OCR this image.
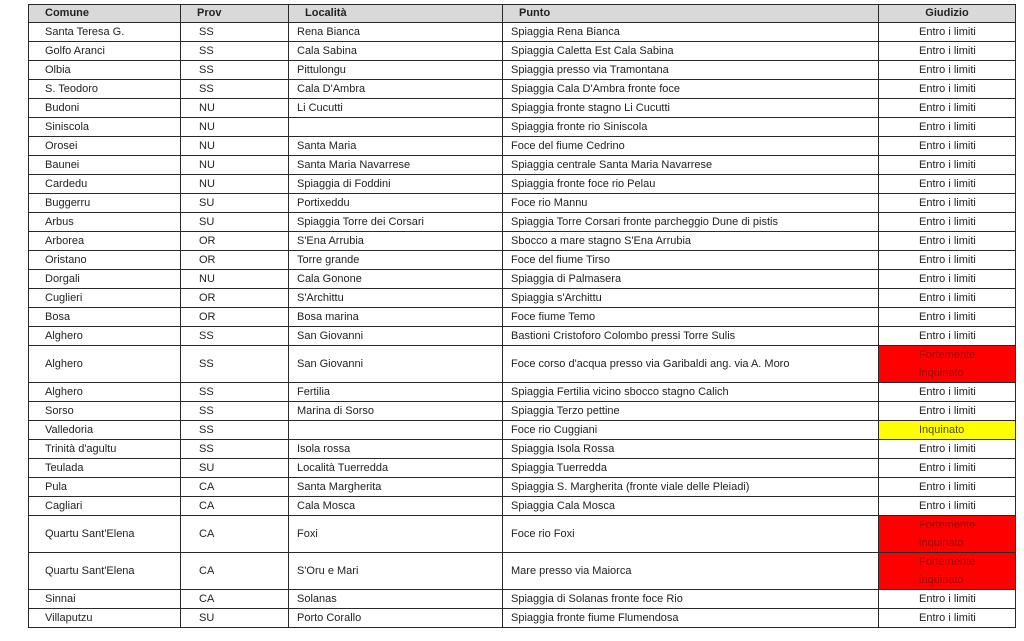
Comune	Prov	Località	Punto	Giudizio
Santa Teresa G.	SS	Rena Bianca	Spiaggia Rena Bianca	Entro i limiti
Golfo Aranci	SS	Cala Sabina	Spiaggia Caletta Est Cala Sabina	Entro i limiti
Olbia	SS	Pittulongu	Spiaggia presso via Tramontana	Entro i limiti
S. Teodoro	SS	Cala D'Ambra	Spiaggia Cala D'Ambra fronte foce	Entro i limiti
Budoni	NU	Li Cucutti	Spiaggia fronte stagno Li Cucutti	Entro i limiti
Siniscola	NU		Spiaggia fronte rio Siniscola	Entro i limiti
Orosei	NU	Santa Maria	Foce del fiume Cedrino	Entro i limiti
Baunei	NU	Santa Maria Navarrese	Spiaggia centrale Santa Maria Navarrese	Entro i limiti
Cardedu	NU	Spiaggia di Foddini	Spiaggia fronte foce rio Pelau	Entro i limiti
Buggerru	SU	Portixeddu	Foce rio Mannu	Entro i limiti
Arbus	SU	Spiaggia Torre dei Corsari	Spiaggia Torre Corsari fronte parcheggio Dune di pistis	Entro i limiti
Arborea	OR	S'Ena Arrubia	Sbocco a mare stagno S'Ena Arrubia	Entro i limiti
Oristano	OR	Torre grande	Foce del fiume Tirso	Entro i limiti
Dorgali	NU	Cala Gonone	Spiaggia di Palmasera	Entro i limiti
Cuglieri	OR	S'Archittu	Spiaggia s'Archittu	Entro i limiti
Bosa	OR	Bosa marina	Foce fiume Temo	Entro i limiti
Alghero	SS	San Giovanni	Bastioni Cristoforo Colombo pressi Torre Sulis	Entro i limiti
Alghero	SS	San Giovanni	Foce corso d'acqua presso via Garibaldi ang. via A. Moro	Fortemente inquinato
Alghero	SS	Fertilia	Spiaggia Fertilia vicino sbocco stagno Calich	Entro i limiti
Sorso	SS	Marina di Sorso	Spiaggia Terzo pettine	Entro i limiti
Valledoria	SS		Foce rio Cuggiani	Inquinato
Trinità d'agultu	SS	Isola rossa	Spiaggia Isola Rossa	Entro i limiti
Teulada	SU	Località Tuerredda	Spiaggia Tuerredda	Entro i limiti
Pula	CA	Santa Margherita	Spiaggia S. Margherita (fronte viale delle Pleiadi)	Entro i limiti
Cagliari	CA	Cala Mosca	Spiaggia Cala Mosca	Entro i limiti
Quartu Sant'Elena	CA	Foxi	Foce rio Foxi	Fortemente inquinato
Quartu Sant'Elena	CA	S'Oru e Mari	Mare presso via Maiorca	Fortemente inquinato
Sinnai	CA	Solanas	Spiaggia di Solanas fronte foce Rio	Entro i limiti
Villaputzu	SU	Porto Corallo	Spiaggia fronte fiume Flumendosa	Entro i limiti
